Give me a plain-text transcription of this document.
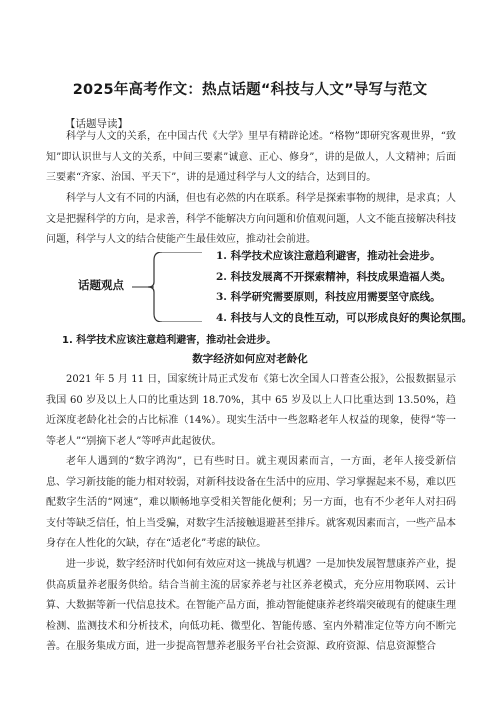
2025年高考作文：热点话题“科技与人文”导写与范文
【话题导读】

科学与人文的关系，在中国古代《大学》里早有精辟论述。“格物”即研究客观世界，“致知”即认识世与人文的关系，中间三要素”诚意、正心、修身”，讲的是做人，人文精神；后面三要素“齐家、治国、平天下”，讲的是通过科学与人文的结合，达到目的。

科学与人文有不同的内涵，但也有必然的内在联系。科学是探索事物的规律，是求真；人文是把握科学的方向，是求善，科学不能解决方向问题和价值观问题，人文不能直接解决科技问题，科学与人文的结合使能产生最佳效应，推动社会前进。

话题观点
1. 科学技术应该注意趋利避害，推动社会进步。
2. 科技发展离不开探索精神，科技成果造福人类。
3. 科学研究需要原则，科技应用需要坚守底线。
4. 科技与人文的良性互动，可以形成良好的舆论氛围。
1. 科学技术应该注意趋利避害，推动社会进步。
数字经济如何应对老龄化

2021 年 5 月 11 日，国家统计局正式发布《第七次全国人口普查公报》，公报数据显示我国 60 岁及以上人口的比重达到 18.70%，其中 65 岁及以上人口比重达到 13.50%，趋近深度老龄化社会的占比标准（14%）。现实生活中一些忽略老年人权益的现象，使得“等一等老人”“别摘下老人”等呼声此起彼伏。

老年人遇到的“数字鸿沟”，已有些时日。就主观因素而言，一方面，老年人接受新信息、学习新技能的能力相对较弱，对新科技设备在生活中的应用、学习掌握起来不易，难以匹配数字生活的“网速”，难以顺畅地享受相关智能化便利；另一方面，也有不少老年人对扫码支付等缺乏信任，怕上当受骗，对数字生活接触退避甚至排斥。就客观因素而言，一些产品本身存在人性化的欠缺，存在“适老化”考虑的缺位。

进一步说，数字经济时代如何有效应对这一挑战与机遇？一是加快发展智慧康养产业，提供高质量养老服务供给。结合当前主流的居家养老与社区养老模式，充分应用物联网、云计算、大数据等新一代信息技术。在智能产品方面，推动智能健康养老终端突破现有的健康生理检测、监测技术和分析技术，向低功耗、微型化、智能传感、室内外精准定位等方向不断完善。在服务集成方面，进一步提高智慧养老服务平台社会资源、政府资源、信息资源整合
